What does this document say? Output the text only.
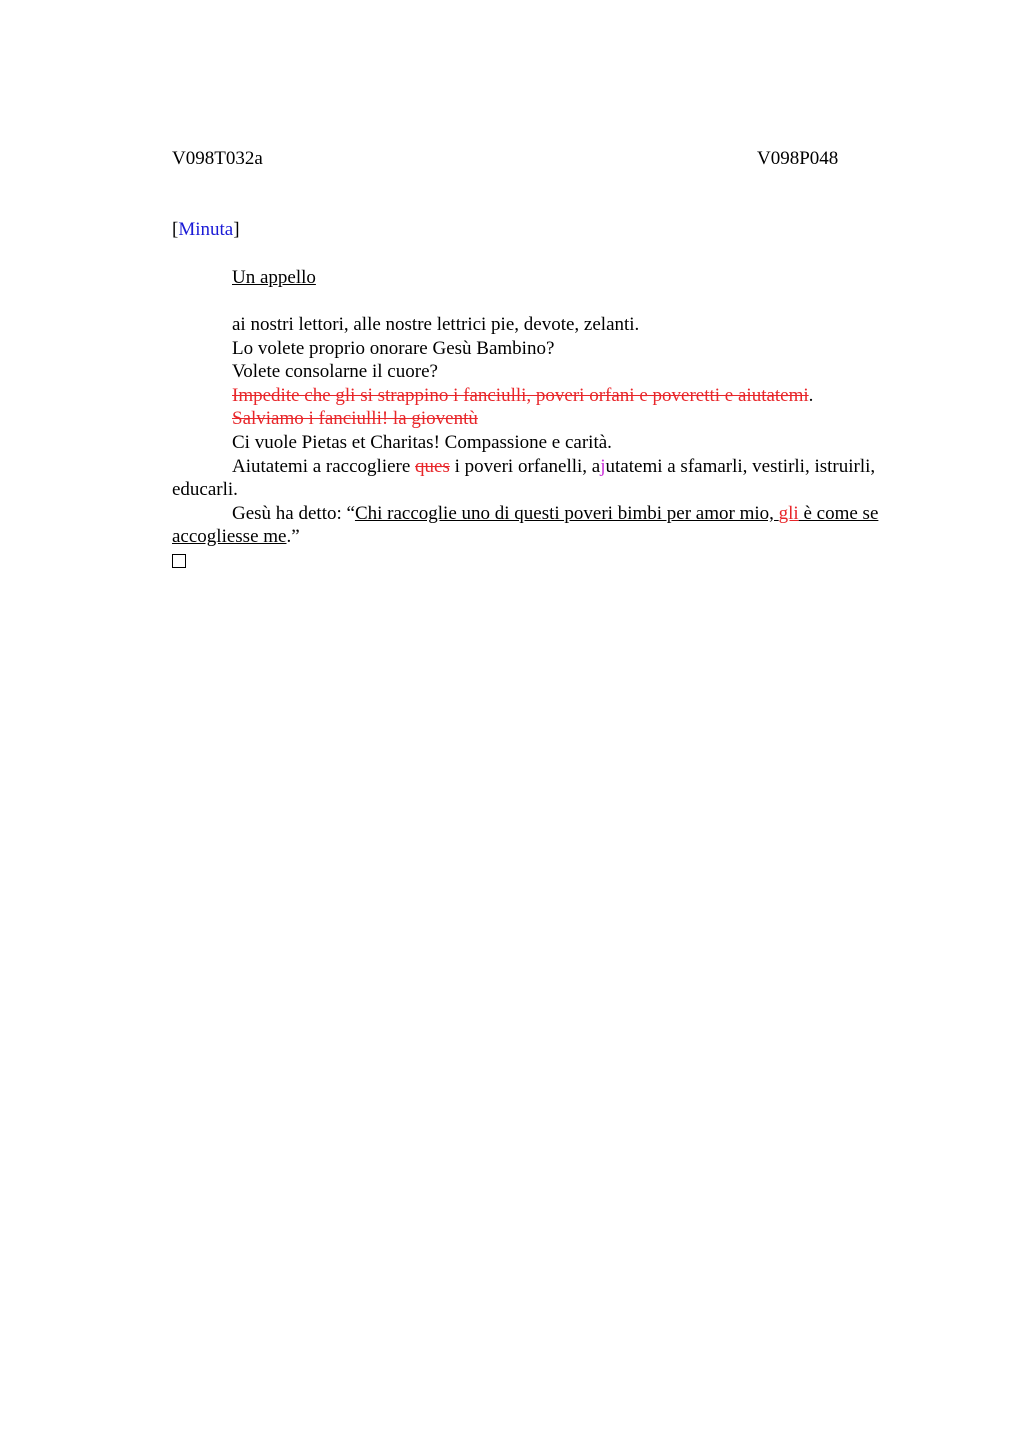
V098T032a	V098P048
[Minuta]
Un appello
ai nostri lettori, alle nostre lettrici pie, devote, zelanti.
Lo volete proprio onorare Gesù Bambino?
Volete consolarne il cuore?
Impedite che gli si strappino i fanciulli, poveri orfani e poveretti e aiutatemi.
Salviamo i fanciulli! la gioventù
Ci vuole Pietas et Charitas! Compassione e carità.
Aiutatemi a raccogliere ques i poveri orfanelli, ajutatemi a sfamarli, vestirli, istruirli, educarli.
Gesù ha detto: “Chi raccoglie uno di questi poveri bimbi per amor mio, gli è come se accogliesse me.”
